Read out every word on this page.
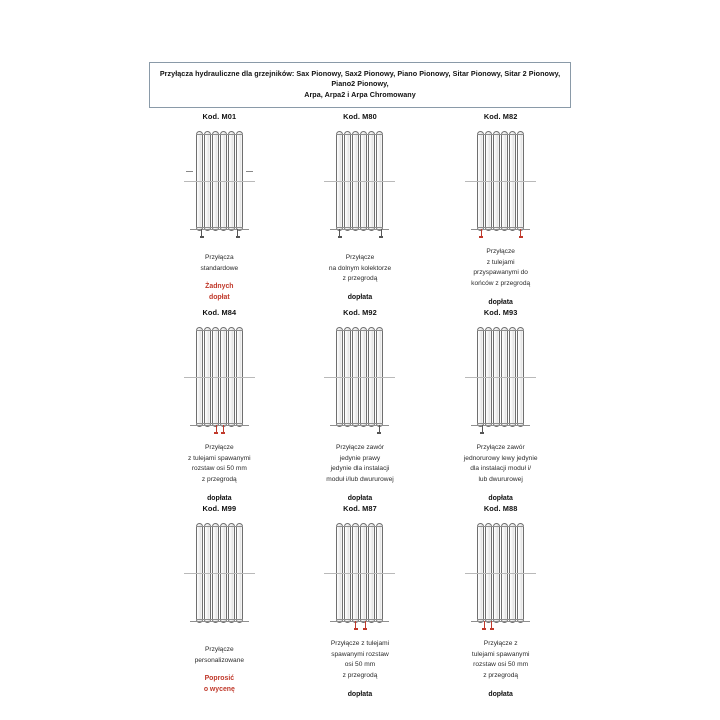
Przyłącza hydrauliczne dla grzejników: Sax Pionowy, Sax2 Pionowy, Piano Pionowy, Sitar Pionowy, Sitar 2 Pionowy, Piano2 Pionowy,
Arpa, Arpa2 i Arpa Chromowany
Kod. M01
Przyłącza
standardowe
Żadnych
dopłat
Kod. M80
Przyłącze
na dolnym kolektorze
z przegrodą
dopłata
Kod. M82
Przyłącze
z tulejami
przyspawanymi do
końców z przegrodą
dopłata
Kod. M84
Przyłącze
z tulejami spawanymi
rozstaw osi 50 mm
z przegrodą
dopłata
Kod. M92
Przyłącze zawór
jedynie prawy
jedynie dla instalacji
moduł i/lub dwururowej
dopłata
Kod. M93
Przyłącze zawór
jednorurowy lewy jedynie
dla instalacji moduł i/
lub dwururowej
dopłata
Kod. M99
Przyłącze
personalizowane
Poprosić
o wycenę
Kod. M87
Przyłącze z tulejami
spawanymi rozstaw
osi 50 mm
z przegrodą
dopłata
Kod. M88
Przyłącze z
tulejami spawanymi
rozstaw osi 50 mm
z przegrodą
dopłata
